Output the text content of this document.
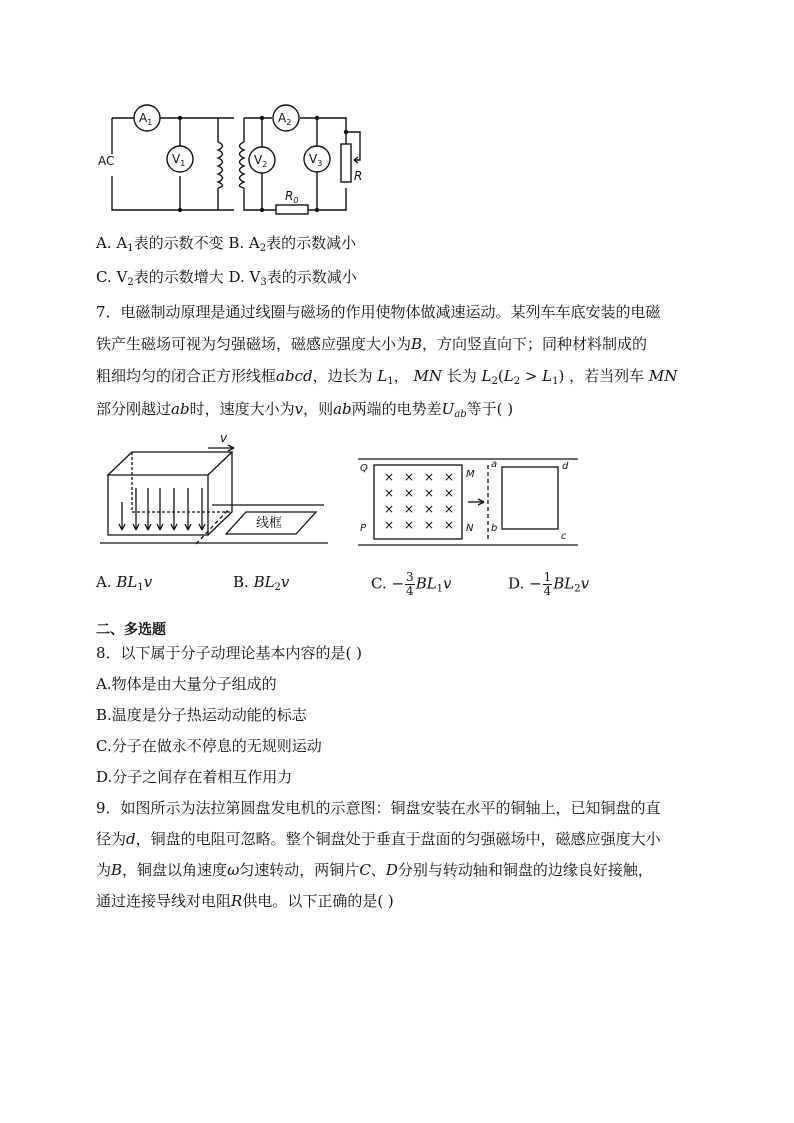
AC
$A_1$
$V_1$
$A_2$
$V_2$	$V_3$
$R_0$
R
A. $A_1$表的示数不变 B. $A_2$表的示数减小
C. $V_2$表的示数增大 D. $V_3$表的示数减小
7．电磁制动原理是通过线圈与磁场的作用使物体做减速运动。某列车车底安装的电磁
铁产生磁场可视为匀强磁场，磁感应强度大小为B，方向竖直向下；同种材料制成的
粗细均匀的闭合正方形线框abcd，边长为 $L_1$， MN 长为 $L_2(L_2 > L_1)$ ，若当列车 MN
部分刚越过ab时，速度大小为v，则ab两端的电势差$U_{ab}$等于( )
v
线框
× × × ×
× × × ×
× × × ×
× × × ×
Q
P
M
N
a
b
c
d
A. $BL_1v$	B. $BL_2v$	C. − $\frac{3}{4} BL_1v$	D. − $\frac{1}{4} BL_2v$
二、多选题
8．以下属于分子动理论基本内容的是( )
A.物体是由大量分子组成的
B.温度是分子热运动动能的标志
C.分子在做永不停息的无规则运动
D.分子之间存在着相互作用力
9．如图所示为法拉第圆盘发电机的示意图：铜盘安装在水平的铜轴上，已知铜盘的直
径为d，铜盘的电阻可忽略。整个铜盘处于垂直于盘面的匀强磁场中，磁感应强度大小
为B，铜盘以角速度ω匀速转动，两铜片C、D分别与转动轴和铜盘的边缘良好接触，
通过连接导线对电阻R供电。以下正确的是( )
